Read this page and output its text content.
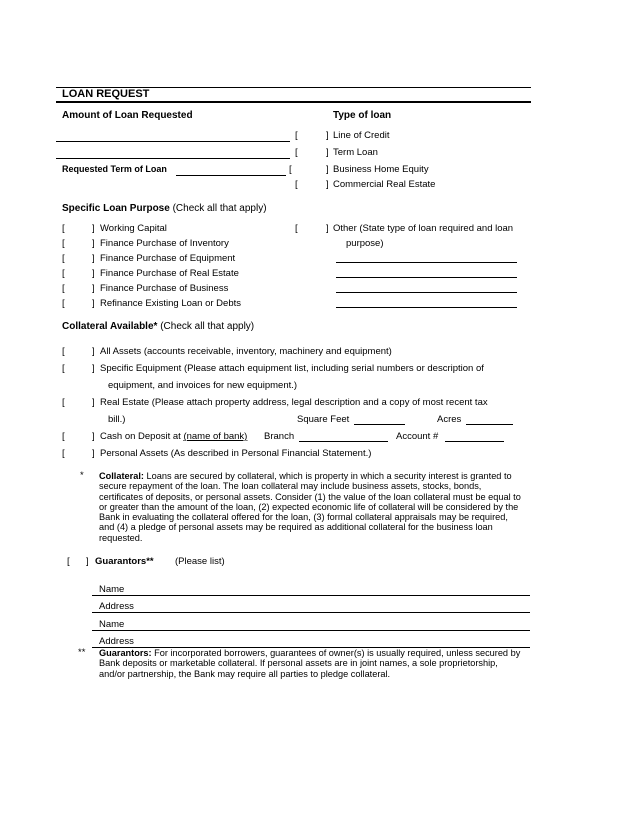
LOAN REQUEST
Amount of Loan Requested	Type of loan
Requested Term of Loan
[	] Line of Credit
[	] Term Loan
[	] Business Home Equity
[	] Commercial Real Estate
Specific Loan Purpose (Check all that apply)
[	] Working Capital
[	] Finance Purchase of Inventory
[	] Finance Purchase of Equipment
[	] Finance Purchase of Real Estate
[	] Finance Purchase of Business
[	] Refinance Existing Loan or Debts
[	] Other (State type of loan required and loan
purpose)
Collateral Available* (Check all that apply)
[	] All Assets (accounts receivable, inventory, machinery and equipment)
[	] Specific Equipment (Please attach equipment list, including serial numbers or description of
equipment, and invoices for new equipment.)
[	] Real Estate (Please attach property address, legal description and a copy of most recent tax
bill.)	Square Feet	Acres
[	] Cash on Deposit at (name of bank) Branch	Account #
[	] Personal Assets (As described in Personal Financial Statement.)
* Collateral: Loans are secured by collateral, which is property in which a security interest is granted to secure repayment of the loan. The loan collateral may include business assets, stocks, bonds, certificates of deposits, or personal assets. Consider (1) the value of the loan collateral must be equal to or greater than the amount of the loan, (2) expected economic life of collateral will be considered by the Bank in evaluating the collateral offered for the loan, (3) formal collateral appraisals may be required, and (4) a pledge of personal assets may be required as additional collateral for the business loan requested.
[ ] Guarantors** (Please list)
Name
Address
Name
Address
** Guarantors: For incorporated borrowers, guarantees of owner(s) is usually required, unless secured by Bank deposits or marketable collateral. If personal assets are in joint names, a sole proprietorship, and/or partnership, the Bank may require all parties to pledge collateral.
